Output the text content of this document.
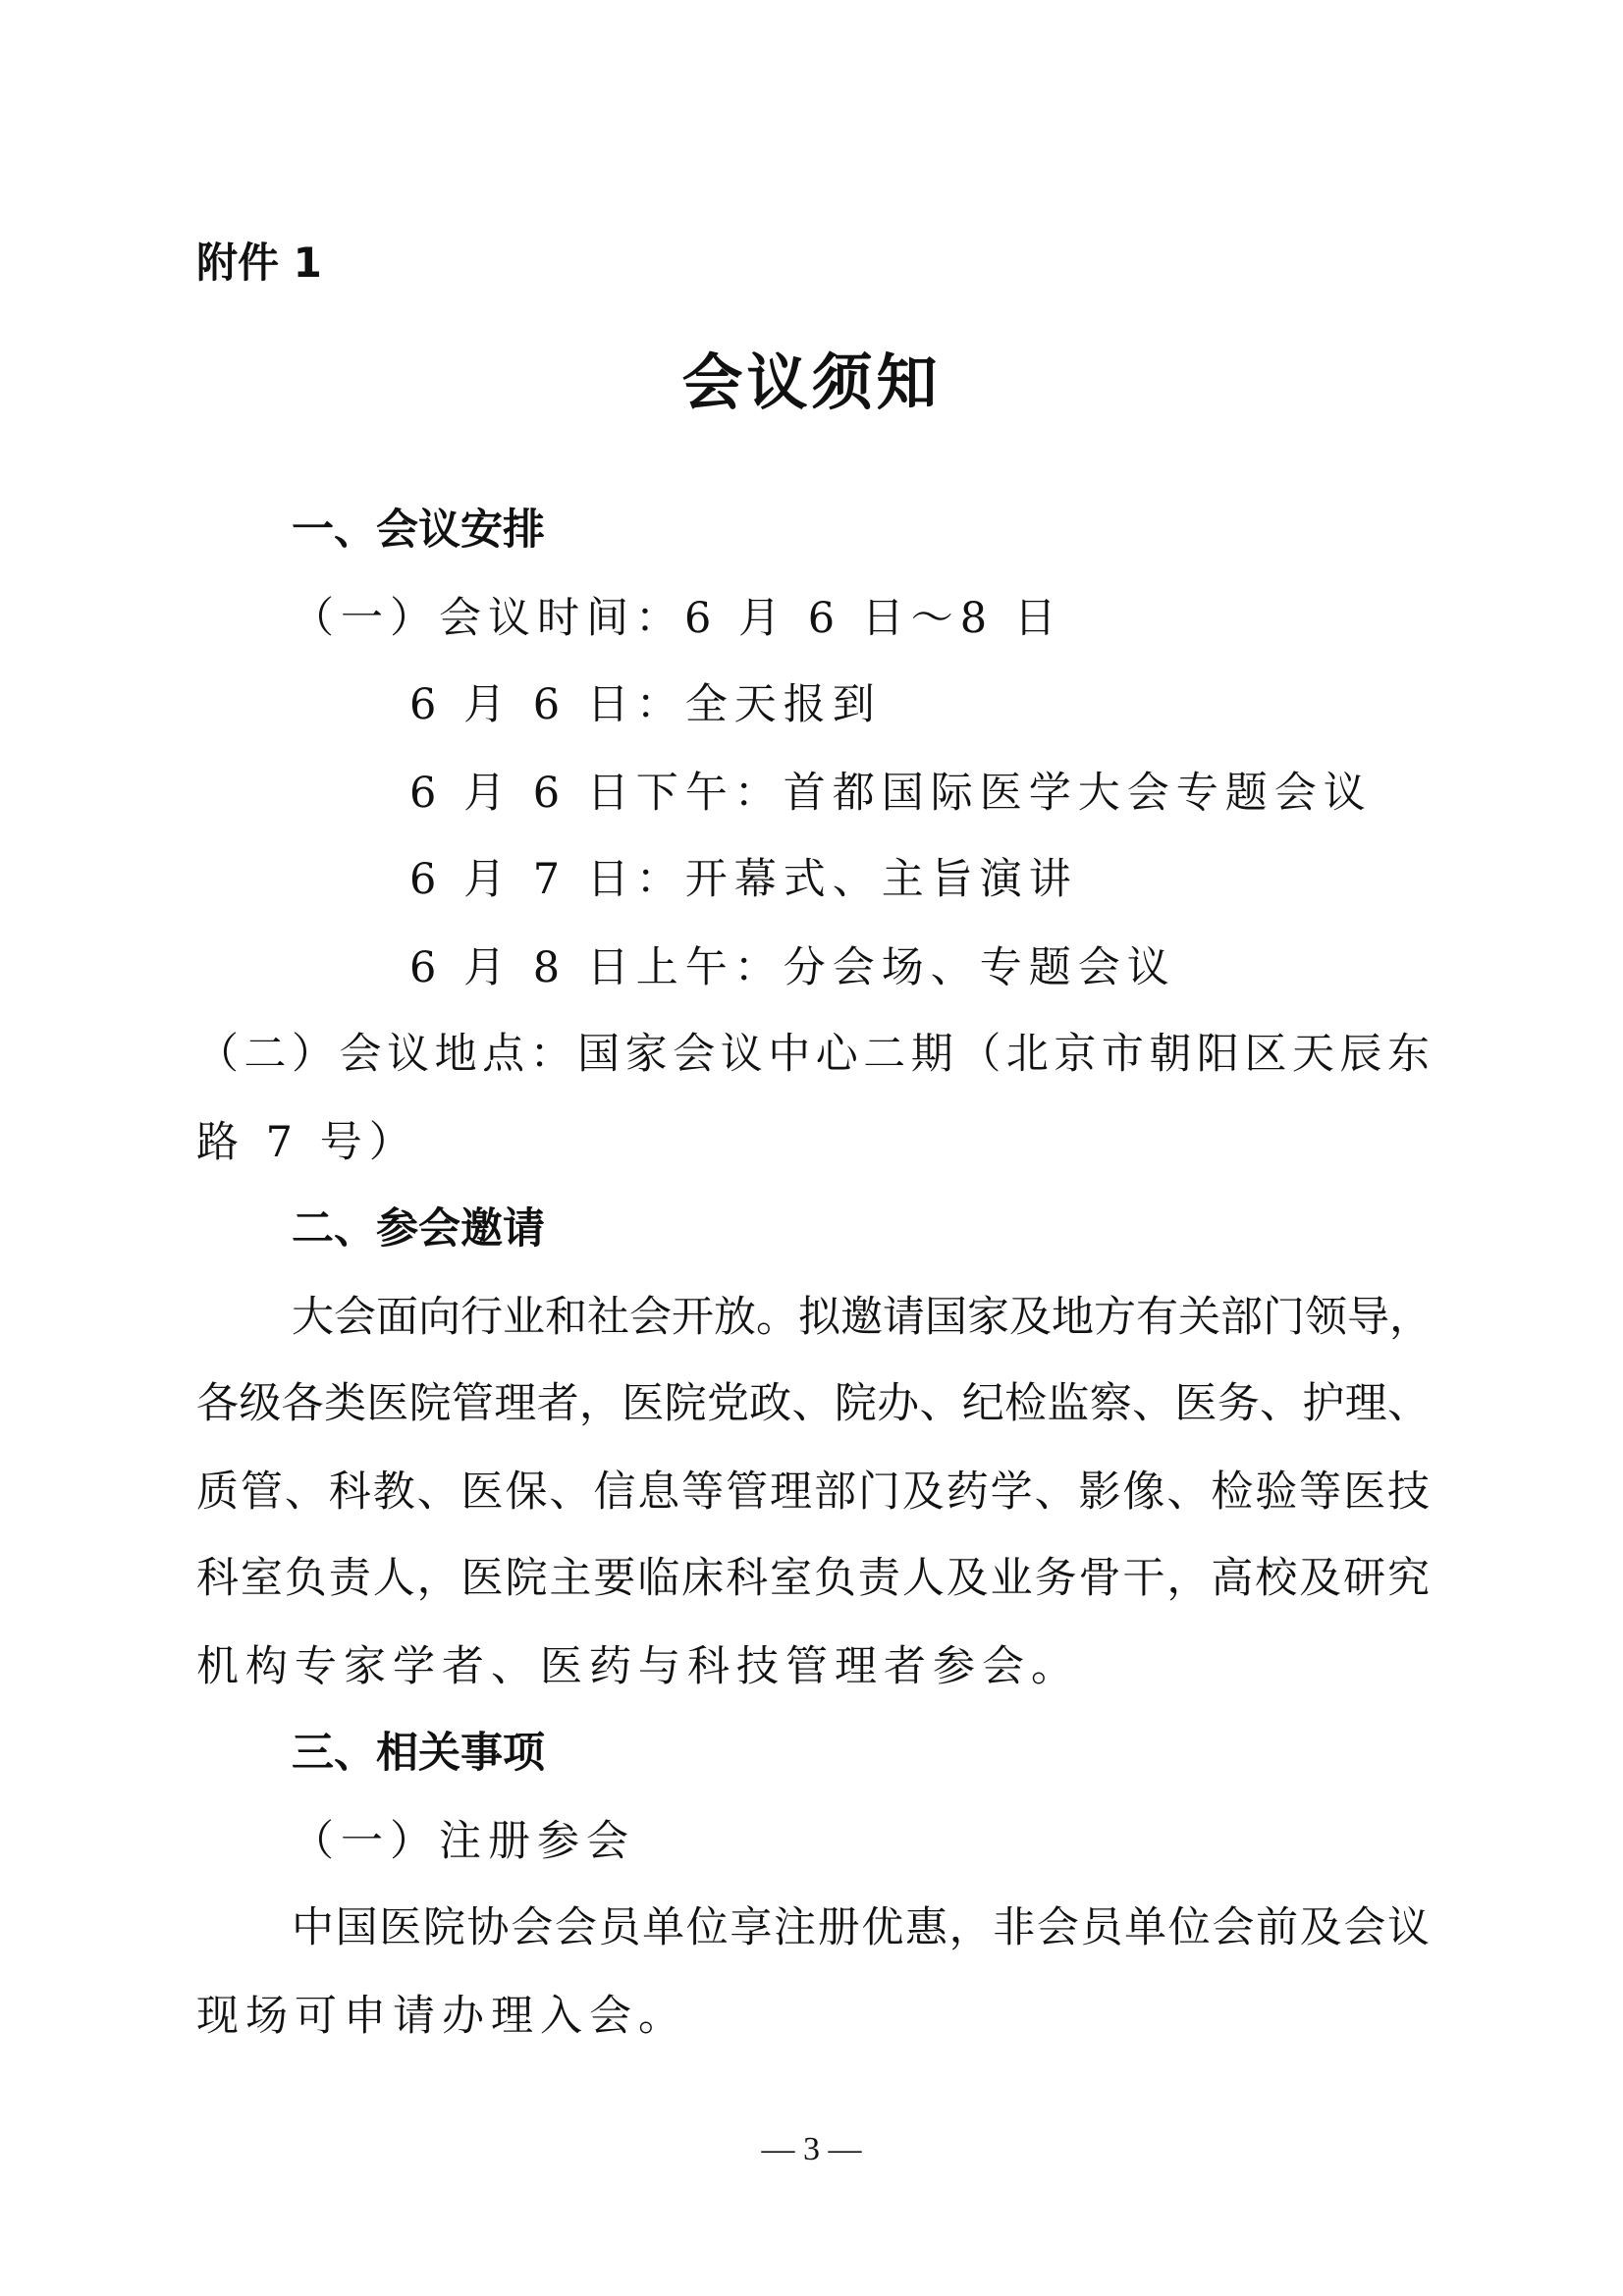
附件 1
会议须知
一、会议安排
（一）会议时间：6 月 6 日～8 日
6 月 6 日：全天报到
6 月 6 日下午：首都国际医学大会专题会议
6 月 7 日：开幕式、主旨演讲
6 月 8 日上午：分会场、专题会议
（二）会议地点：国家会议中心二期（北京市朝阳区天辰东
路 7 号）
二、参会邀请
大会面向行业和社会开放。拟邀请国家及地方有关部门领导，
各级各类医院管理者，医院党政、院办、纪检监察、医务、护理、
质管、科教、医保、信息等管理部门及药学、影像、检验等医技
科室负责人，医院主要临床科室负责人及业务骨干，高校及研究
机构专家学者、医药与科技管理者参会。
三、相关事项
（一）注册参会
中国医院协会会员单位享注册优惠，非会员单位会前及会议
现场可申请办理入会。
— 3 —
